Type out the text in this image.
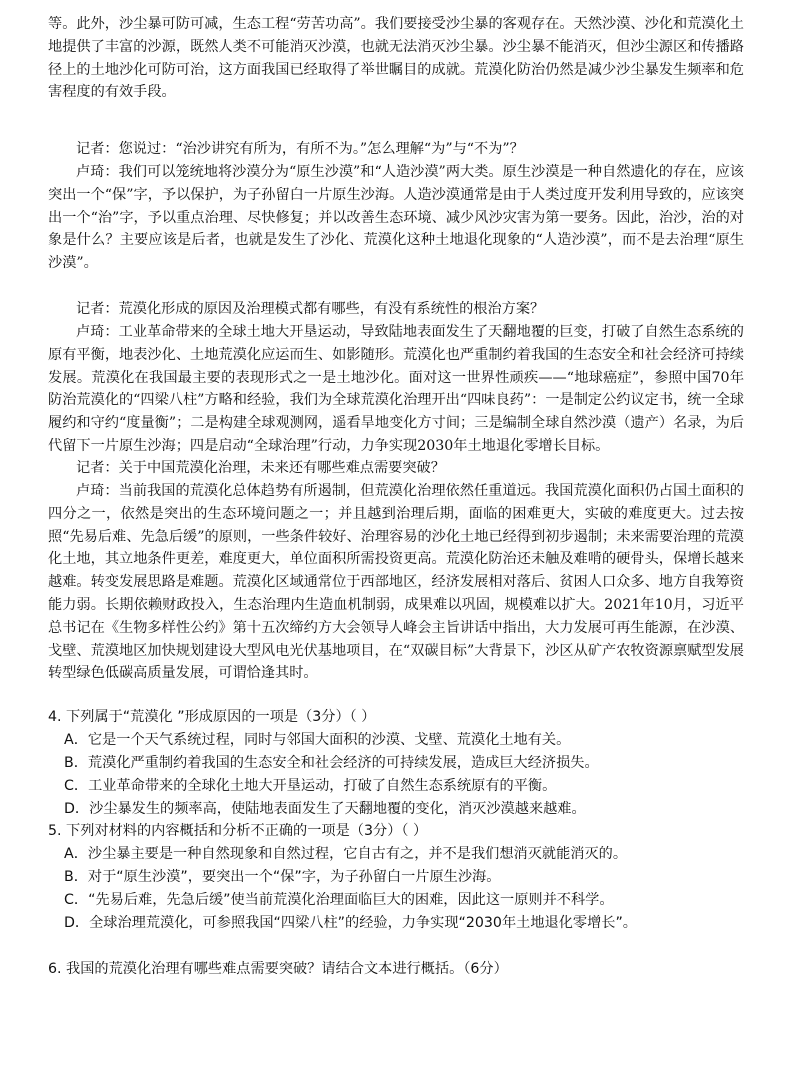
等。此外，沙尘暴可防可减，生态工程“劳苦功高”。我们要接受沙尘暴的客观存在。天然沙漠、沙化和荒漠化土地提供了丰富的沙源，既然人类不可能消灭沙漠，也就无法消灭沙尘暴。沙尘暴不能消灭，但沙尘源区和传播路径上的土地沙化可防可治，这方面我国已经取得了举世瞩目的成就。荒漠化防治仍然是减少沙尘暴发生频率和危害程度的有效手段。

记者：您说过：“治沙讲究有所为，有所不为。”怎么理解“为”与“不为”？

卢琦：我们可以笼统地将沙漠分为“原生沙漠”和“人造沙漠”两大类。原生沙漠是一种自然遗化的存在，应该突出一个“保”字，予以保护，为子孙留白一片原生沙海。人造沙漠通常是由于人类过度开发利用导致的，应该突出一个“治”字，予以重点治理、尽快修复；并以改善生态环境、减少风沙灾害为第一要务。因此，治沙，治的对象是什么？主要应该是后者，也就是发生了沙化、荒漠化这种土地退化现象的“人造沙漠”，而不是去治理“原生沙漠”。

记者：荒漠化形成的原因及治理模式都有哪些，有没有系统性的根治方案？

卢琦：工业革命带来的全球土地大开垦运动，导致陆地表面发生了天翻地覆的巨变，打破了自然生态系统的原有平衡，地表沙化、土地荒漠化应运而生、如影随形。荒漠化也严重制约着我国的生态安全和社会经济可持续发展。荒漠化在我国最主要的表现形式之一是土地沙化。面对这一世界性顽疾——“地球癌症”，参照中国70年防治荒漠化的“四梁八柱”方略和经验，我们为全球荒漠化治理开出“四味良药”：一是制定公约议定书，统一全球履约和守约“度量衡”；二是构建全球观测网，遥看旱地变化方寸间；三是编制全球自然沙漠（遗产）名录，为后代留下一片原生沙海；四是启动“全球治理”行动，力争实现2030年土地退化零增长目标。

记者：关于中国荒漠化治理，未来还有哪些难点需要突破？

卢琦：当前我国的荒漠化总体趋势有所遏制，但荒漠化治理依然任重道远。我国荒漠化面积仍占国土面积的四分之一，依然是突出的生态环境问题之一；并且越到治理后期，面临的困难更大，实破的难度更大。过去按照“先易后难、先急后缓”的原则，一些条件较好、治理容易的沙化土地已经得到初步遏制；未来需要治理的荒漠化土地，其立地条件更差，难度更大，单位面积所需投资更高。荒漠化防治还未触及难啃的硬骨头，保增长越来越难。转变发展思路是难题。荒漠化区域通常位于西部地区，经济发展相对落后、贫困人口众多、地方自我筹资能力弱。长期依赖财政投入，生态治理内生造血机制弱，成果难以巩固，规模难以扩大。2021年10月，习近平总书记在《生物多样性公约》第十五次缔约方大会领导人峰会主旨讲话中指出，大力发展可再生能源，在沙漠、戈壁、荒漠地区加快规划建设大型风电光伏基地项目，在“双碳目标”大背景下，沙区从矿产农牧资源禀赋型发展转型绿色低碳高质量发展，可谓恰逢其时。

4. 下列属于“荒漠化 ”形成原因的一项是（3分）（ ）

A．它是一个天气系统过程，同时与邻国大面积的沙漠、戈壁、荒漠化土地有关。

B．荒漠化严重制约着我国的生态安全和社会经济的可持续发展，造成巨大经济损失。

C．工业革命带来的全球化土地大开垦运动，打破了自然生态系统原有的平衡。

D．沙尘暴发生的频率高，使陆地表面发生了天翻地覆的变化，消灭沙漠越来越难。

5. 下列对材料的内容概括和分析不正确的一项是（3分）（ ）

A．沙尘暴主要是一种自然现象和自然过程，它自古有之，并不是我们想消灭就能消灭的。

B．对于“原生沙漠”，要突出一个“保”字，为子孙留白一片原生沙海。

C．“先易后难，先急后缓”使当前荒漠化治理面临巨大的困难，因此这一原则并不科学。

D．全球治理荒漠化，可参照我国“四梁八柱”的经验，力争实现“2030年土地退化零增长”。

6. 我国的荒漠化治理有哪些难点需要突破？请结合文本进行概括。（6分）
